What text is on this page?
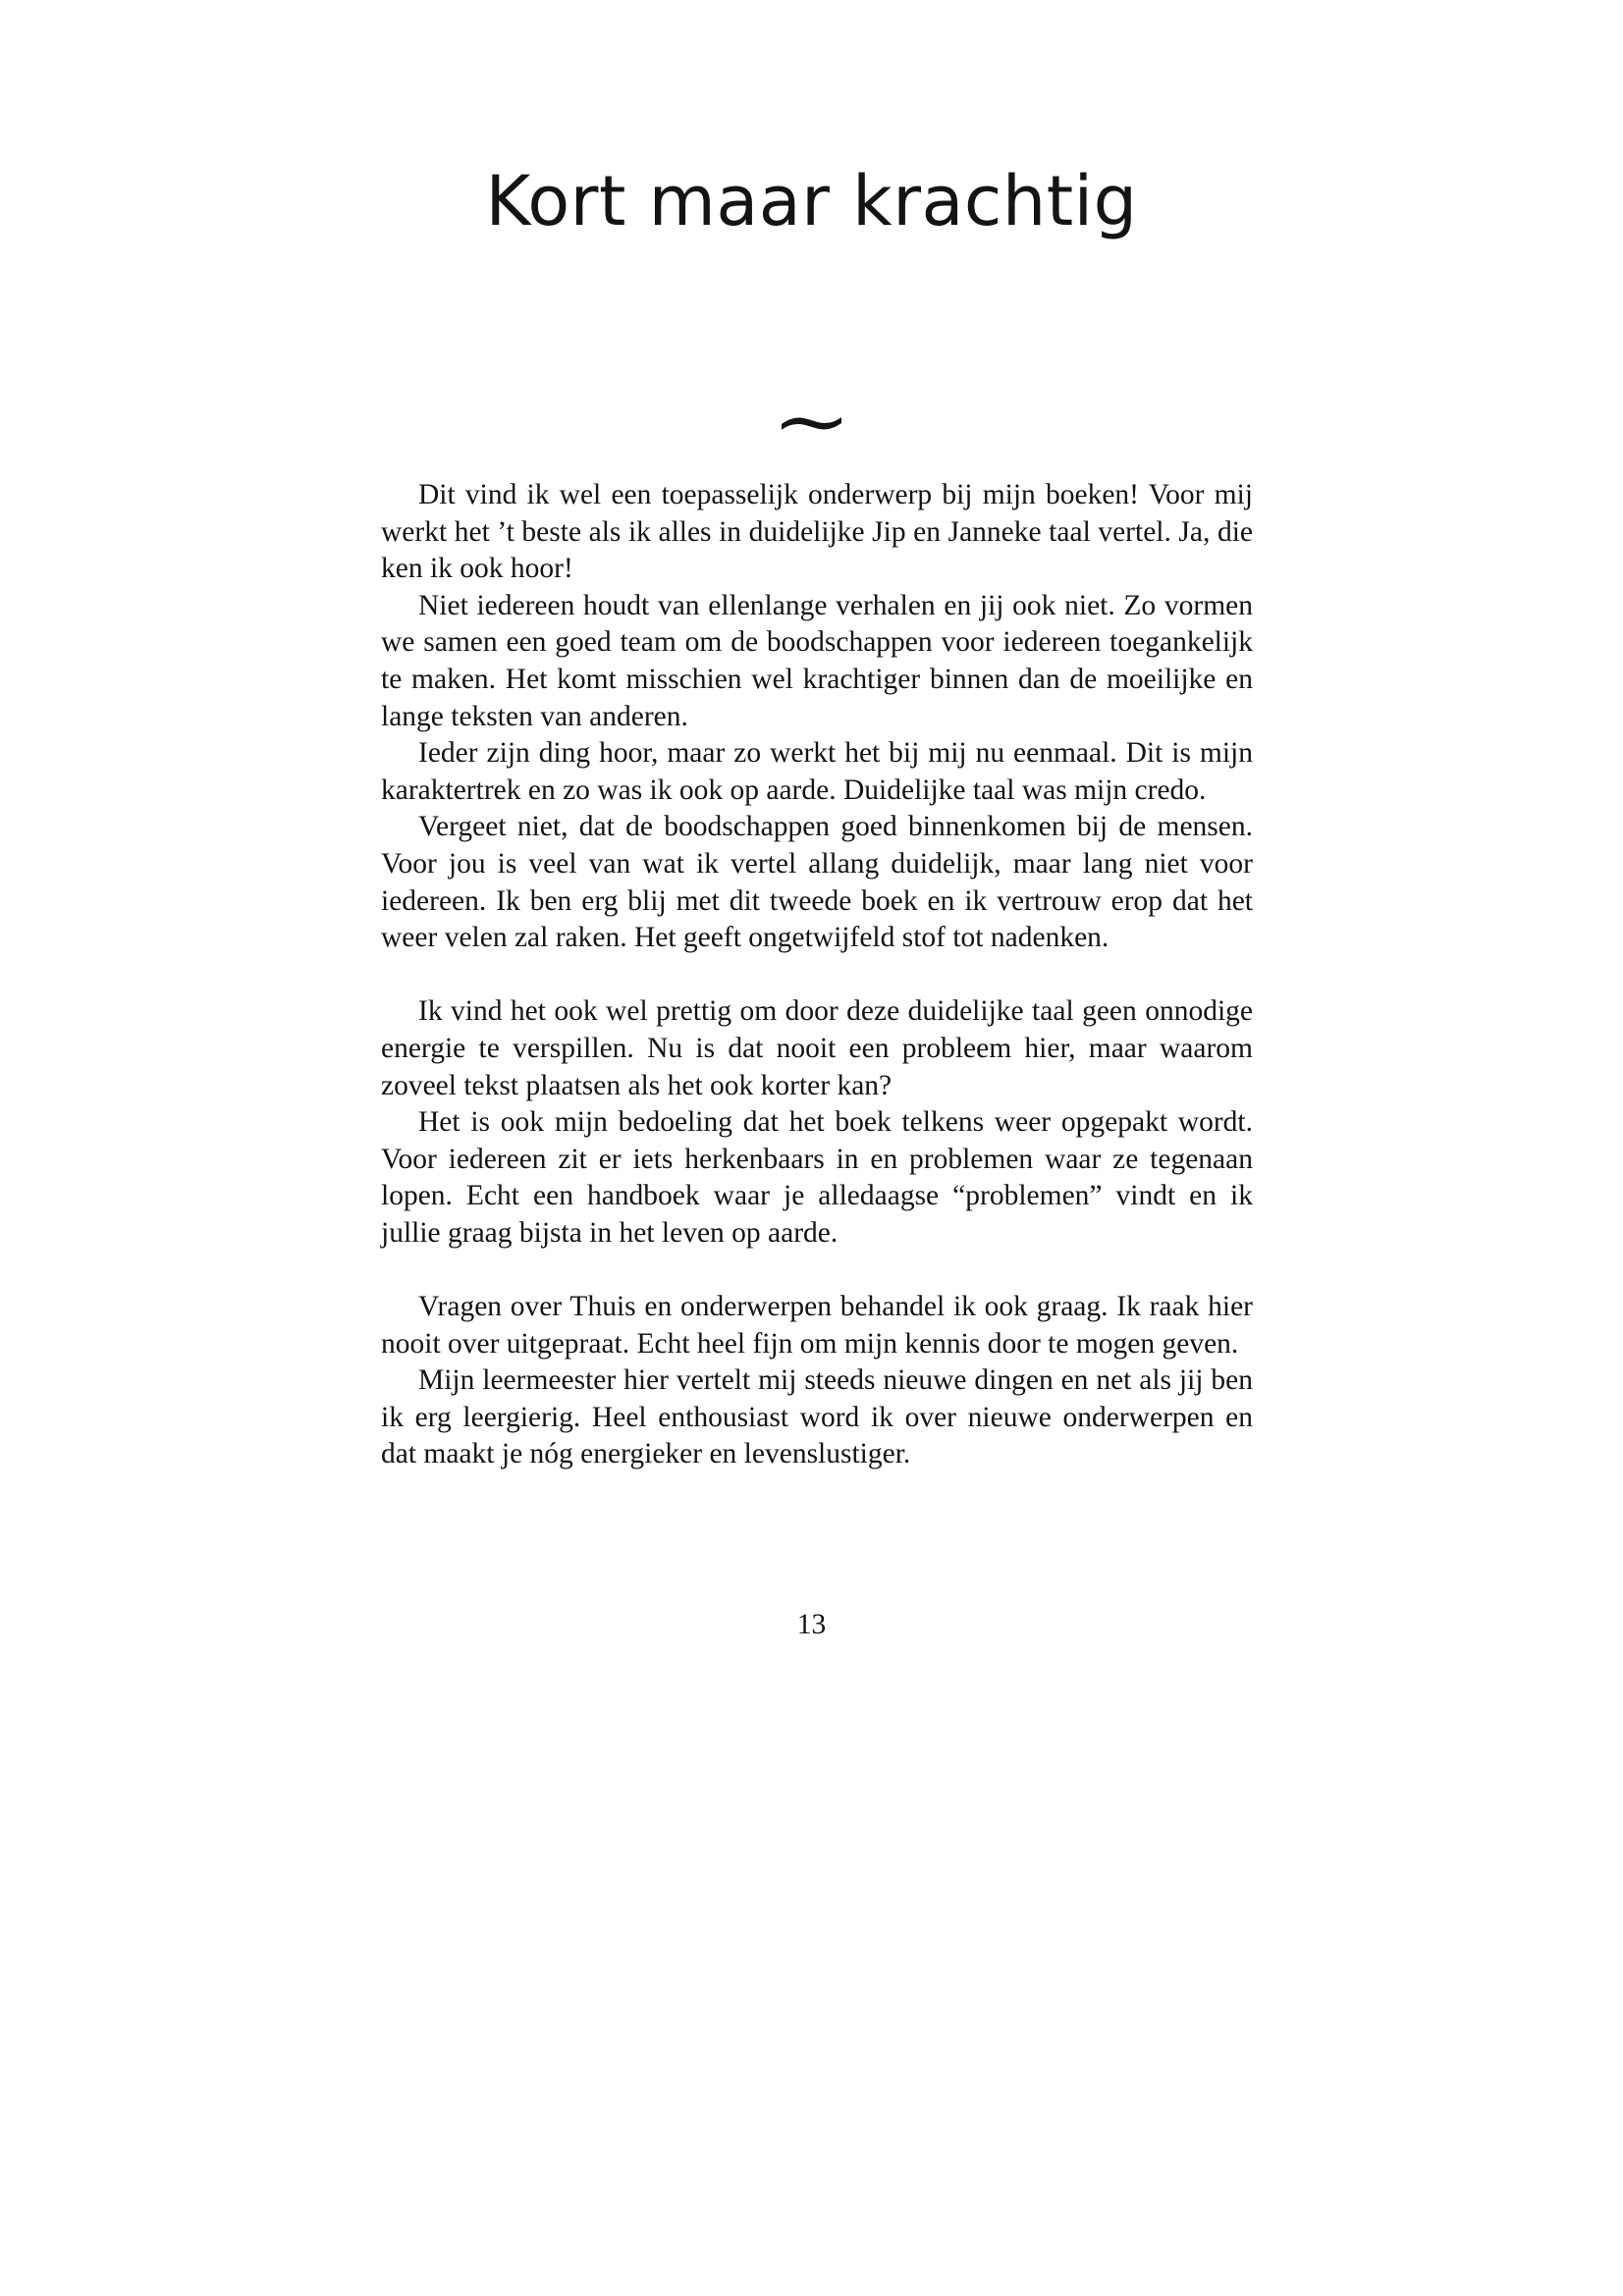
Kort maar krachtig
~

Dit vind ik wel een toepasselijk onderwerp bij mijn boeken! Voor mij werkt het ’t beste als ik alles in duidelijke Jip en Janneke taal vertel. Ja, die ken ik ook hoor!

Niet iedereen houdt van ellenlange verhalen en jij ook niet. Zo vormen we samen een goed team om de boodschappen voor iedereen toegankelijk te maken. Het komt misschien wel krachtiger binnen dan de moeilijke en lange teksten van anderen.

Ieder zijn ding hoor, maar zo werkt het bij mij nu eenmaal. Dit is mijn karaktertrek en zo was ik ook op aarde. Duidelijke taal was mijn credo.

Vergeet niet, dat de boodschappen goed binnenkomen bij de mensen. Voor jou is veel van wat ik vertel allang duidelijk, maar lang niet voor iedereen. Ik ben erg blij met dit tweede boek en ik vertrouw erop dat het weer velen zal raken. Het geeft ongetwijfeld stof tot nadenken.

Ik vind het ook wel prettig om door deze duidelijke taal geen onnodige energie te verspillen. Nu is dat nooit een probleem hier, maar waarom zoveel tekst plaatsen als het ook korter kan?

Het is ook mijn bedoeling dat het boek telkens weer opgepakt wordt. Voor iedereen zit er iets herkenbaars in en problemen waar ze tegenaan lopen. Echt een handboek waar je alledaagse “problemen” vindt en ik jullie graag bijsta in het leven op aarde.

Vragen over Thuis en onderwerpen behandel ik ook graag. Ik raak hier nooit over uitgepraat. Echt heel fijn om mijn kennis door te mogen geven.

Mijn leermeester hier vertelt mij steeds nieuwe dingen en net als jij ben ik erg leergierig. Heel enthousiast word ik over nieuwe onderwerpen en dat maakt je nóg energieker en levenslustiger.

13
